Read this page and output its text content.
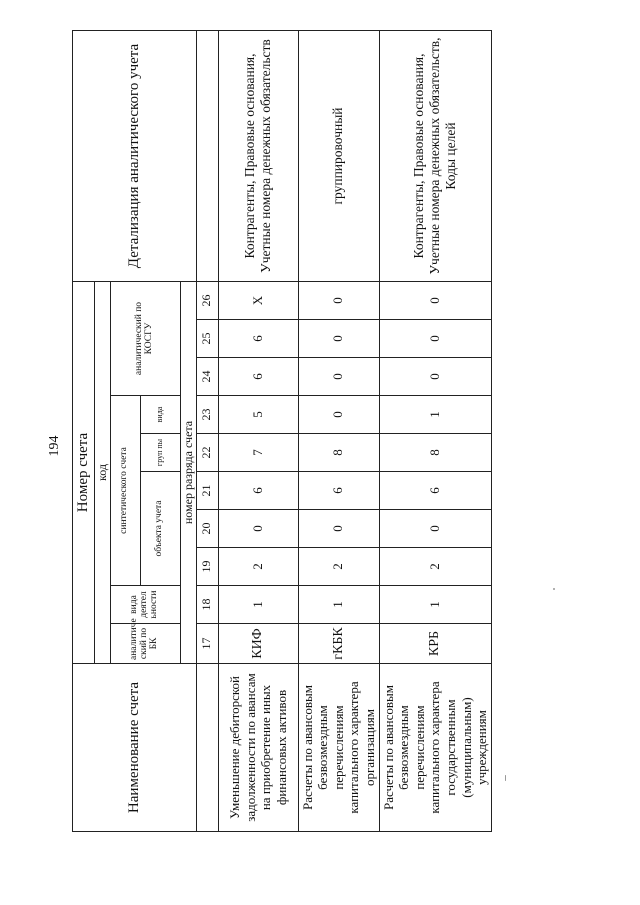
194
Наименование счета	Номер счета										Детализация аналитического учета
	код										
	аналитиче ский по БК	вида деятел ьности	синтетического счета					аналитический по КОСГУ			
			объекта учета			груп пы	вида				
	номер разряда счета										
	17	18	19	20	21	22	23	24	25	26	
Уменьшение дебиторской задолженности по авансам на приобретение иных финансовых активов	КИФ	1	2	0	6	7	5	6	6	Х	Контрагенты, Правовые основания, Учетные номера денежных обязательств
Расчеты по авансовым безвозмездным перечислениям капитального характера организациям	гКБК	1	2	0	6	8	0	0	0	0	группировочный
Расчеты по авансовым безвозмездным перечислениям капитального характера государственным (муниципальным) учреждениям	КРБ	1	2	0	6	8	1	0	0	0	Контрагенты, Правовые основания, Учетные номера денежных обязательств, Коды целей
